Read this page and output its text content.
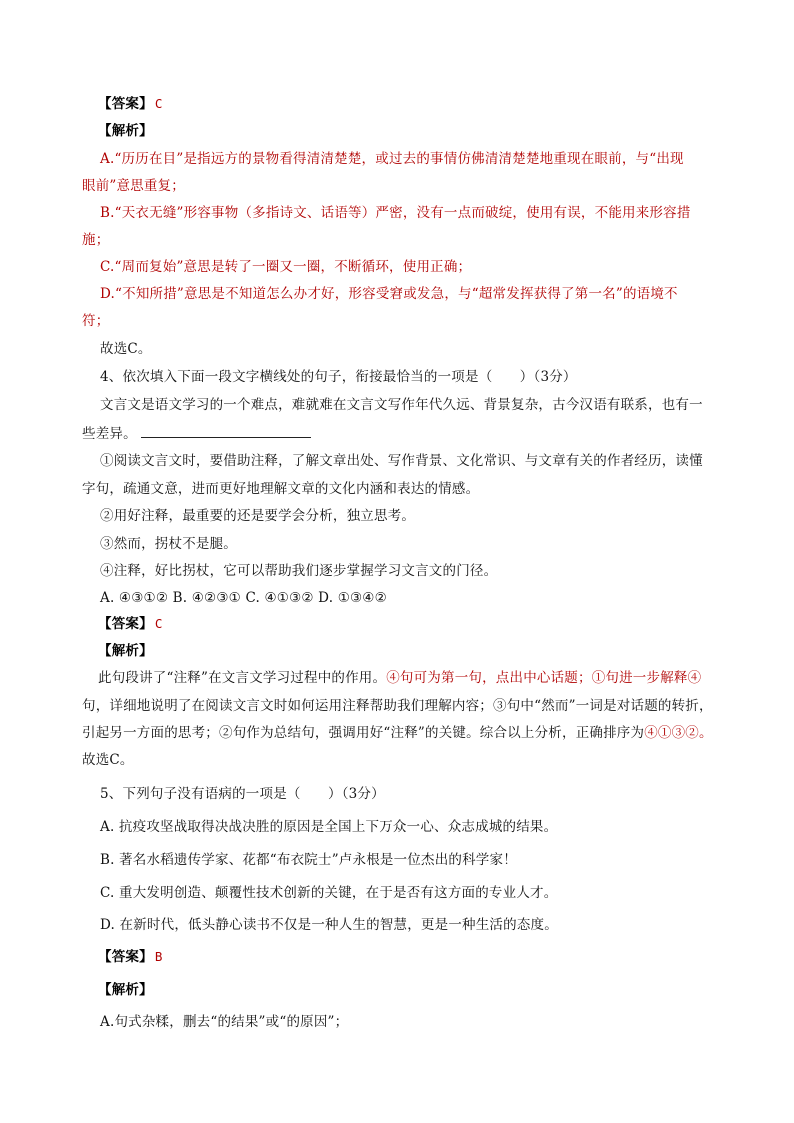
【答案】 C
【解析】
A.“历历在目”是指远方的景物看得清清楚楚，或过去的事情仿佛清清楚楚地重现在眼前，与“出现
眼前”意思重复；
B.“天衣无缝”形容事物（多指诗文、话语等）严密，没有一点而破绽，使用有误，不能用来形容措
施；
C.“周而复始”意思是转了一圈又一圈，不断循环，使用正确；
D.“不知所措”意思是不知道怎么办才好，形容受窘或发急，与“超常发挥获得了第一名”的语境不
符；
故选C。
4、依次填入下面一段文字横线处的句子，衔接最恰当的一项是（　　）（3分）
文言文是语文学习的一个难点，难就难在文言文写作年代久远、背景复杂，古今汉语有联系，也有一
些差异。
①阅读文言文时，要借助注释，了解文章出处、写作背景、文化常识、与文章有关的作者经历，读懂
字句，疏通文意，进而更好地理解文章的文化内涵和表达的情感。
②用好注释，最重要的还是要学会分析，独立思考。
③然而，拐杖不是腿。
④注释，好比拐杖，它可以帮助我们逐步掌握学习文言文的门径。
A. ④③①② B. ④②③① C. ④①③② D. ①③④②
【答案】 C
【解析】
此句段讲了“注释”在文言文学习过程中的作用。④句可为第一句，点出中心话题；①句进一步解释④
句，详细地说明了在阅读文言文时如何运用注释帮助我们理解内容；③句中“然而”一词是对话题的转折，
引起另一方面的思考；②句作为总结句，强调用好“注释”的关键。综合以上分析，正确排序为④①③②。
故选C。
5、下列句子没有语病的一项是（　　）（3分）
A. 抗疫攻坚战取得决战决胜的原因是全国上下万众一心、众志成城的结果。
B. 著名水稻遗传学家、花都“布衣院士”卢永根是一位杰出的科学家！
C. 重大发明创造、颠覆性技术创新的关键，在于是否有这方面的专业人才。
D. 在新时代，低头静心读书不仅是一种人生的智慧，更是一种生活的态度。
【答案】 B
【解析】
A.句式杂糅，删去“的结果”或“的原因”；
